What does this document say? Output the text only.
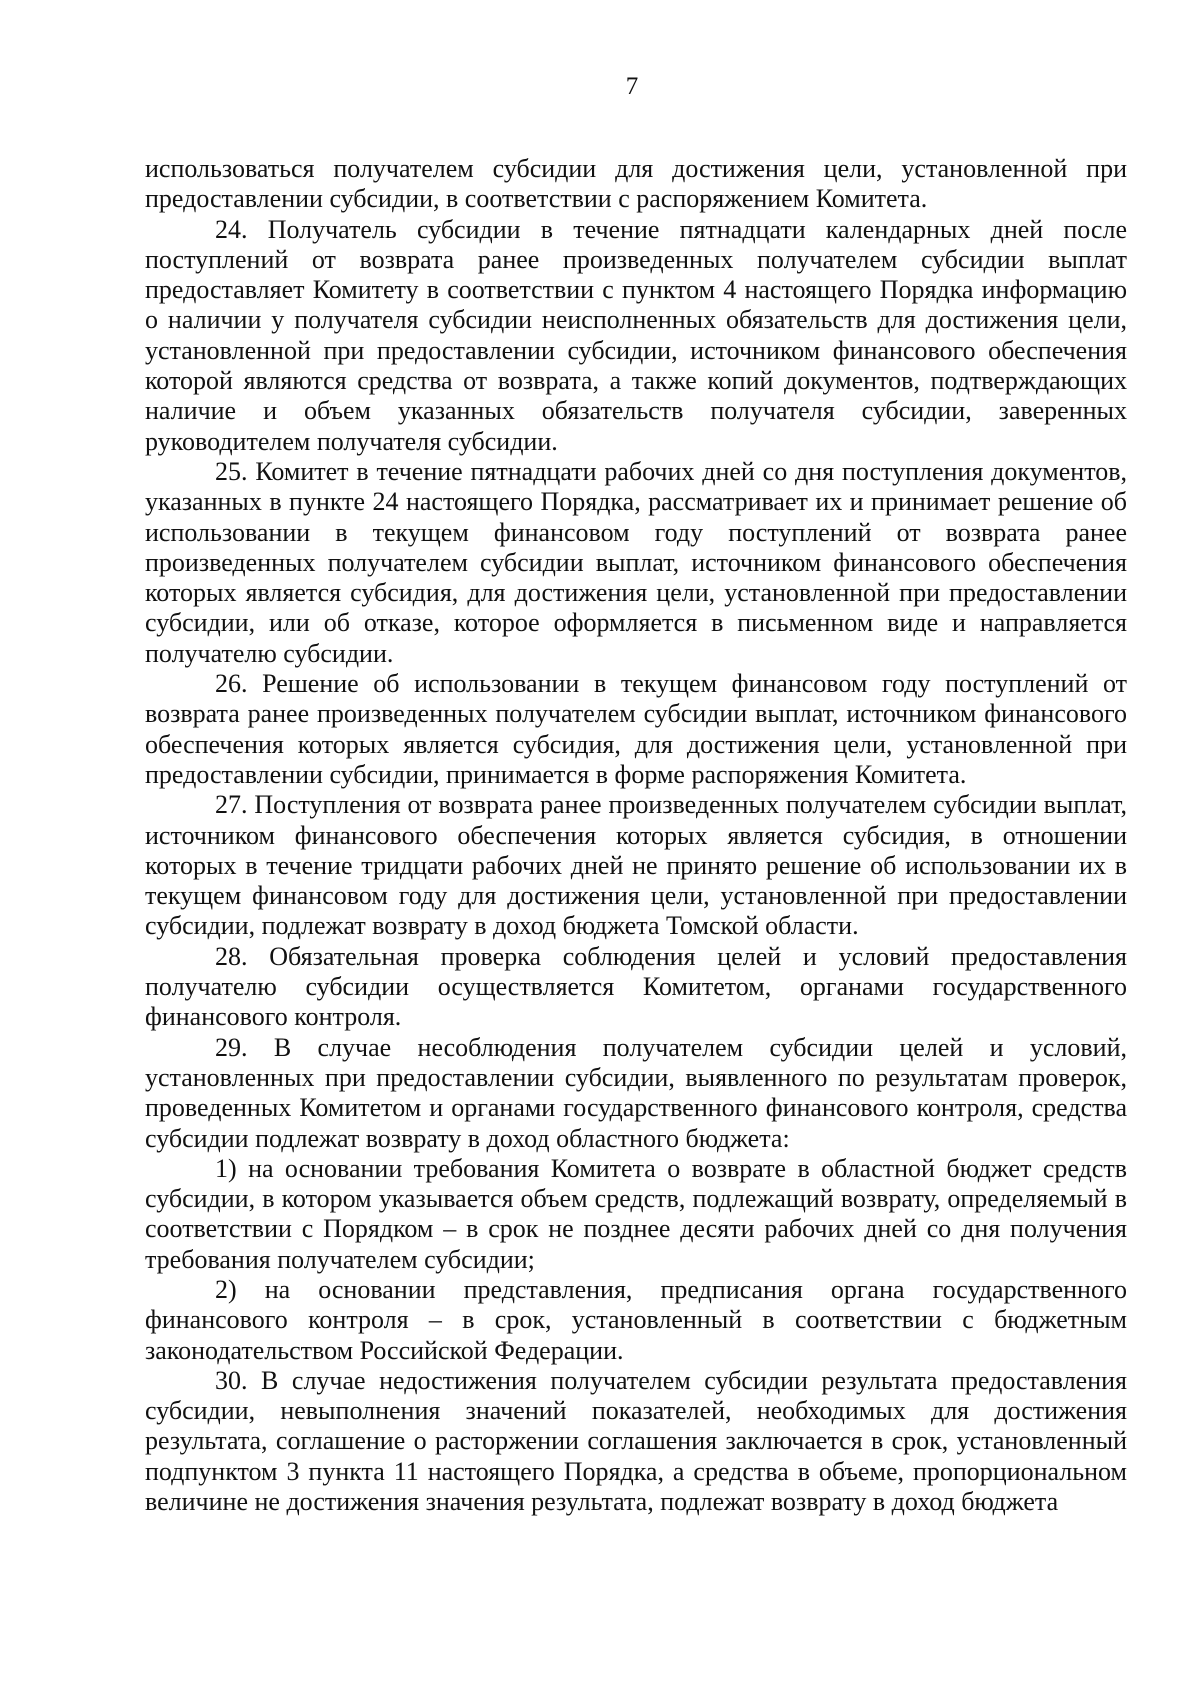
7

использоваться получателем субсидии для достижения цели, установленной при предоставлении субсидии, в соответствии с распоряжением Комитета.

24. Получатель субсидии в течение пятнадцати календарных дней после поступлений от возврата ранее произведенных получателем субсидии выплат предоставляет Комитету в соответствии с пунктом 4 настоящего Порядка информацию о наличии у получателя субсидии неисполненных обязательств для достижения цели, установленной при предоставлении субсидии, источником финансового обеспечения которой являются средства от возврата, а также копий документов, подтверждающих наличие и объем указанных обязательств получателя субсидии, заверенных руководителем получателя субсидии.

25. Комитет в течение пятнадцати рабочих дней со дня поступления документов, указанных в пункте 24 настоящего Порядка, рассматривает их и принимает решение об использовании в текущем финансовом году поступлений от возврата ранее произведенных получателем субсидии выплат, источником финансового обеспечения которых является субсидия, для достижения цели, установленной при предоставлении субсидии, или об отказе, которое оформляется в письменном виде и направляется получателю субсидии.

26. Решение об использовании в текущем финансовом году поступлений от возврата ранее произведенных получателем субсидии выплат, источником финансового обеспечения которых является субсидия, для достижения цели, установленной при предоставлении субсидии, принимается в форме распоряжения Комитета.

27. Поступления от возврата ранее произведенных получателем субсидии выплат, источником финансового обеспечения которых является субсидия, в отношении которых в течение тридцати рабочих дней не принято решение об использовании их в текущем финансовом году для достижения цели, установленной при предоставлении субсидии, подлежат возврату в доход бюджета Томской области.

28. Обязательная проверка соблюдения целей и условий предоставления получателю субсидии осуществляется Комитетом, органами государственного финансового контроля.

29. В случае несоблюдения получателем субсидии целей и условий, установленных при предоставлении субсидии, выявленного по результатам проверок, проведенных Комитетом и органами государственного финансового контроля, средства субсидии подлежат возврату в доход областного бюджета:

1) на основании требования Комитета о возврате в областной бюджет средств субсидии, в котором указывается объем средств, подлежащий возврату, определяемый в соответствии с Порядком – в срок не позднее десяти рабочих дней со дня получения требования получателем субсидии;

2) на основании представления, предписания органа государственного финансового контроля – в срок, установленный в соответствии с бюджетным законодательством Российской Федерации.

30. В случае недостижения получателем субсидии результата предоставления субсидии, невыполнения значений показателей, необходимых для достижения результата, соглашение о расторжении соглашения заключается в срок, установленный подпунктом 3 пункта 11 настоящего Порядка, а средства в объеме, пропорциональном величине не достижения значения результата, подлежат возврату в доход бюджета
